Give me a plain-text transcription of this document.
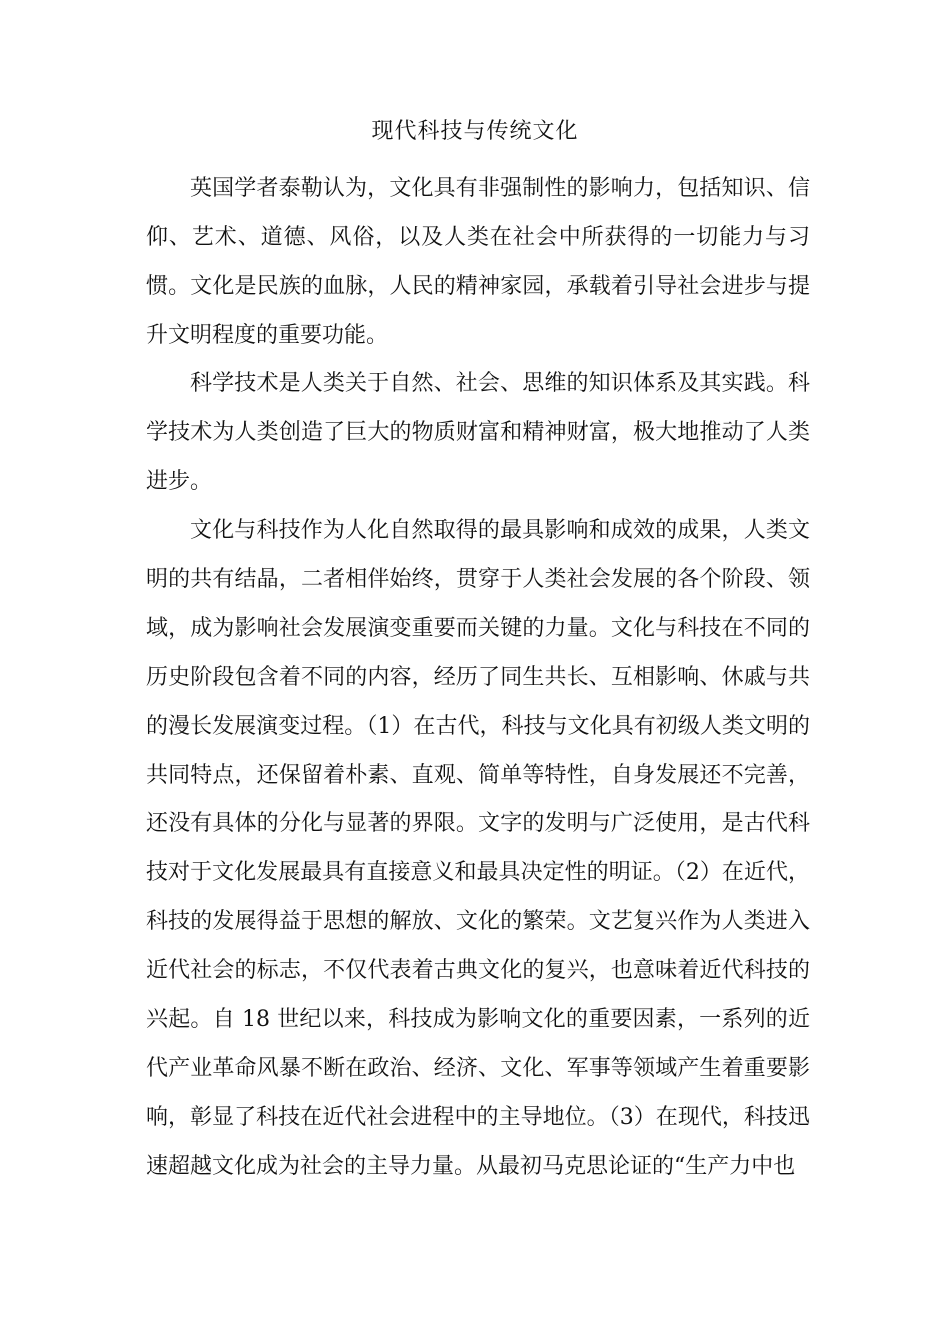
现代科技与传统文化

英国学者泰勒认为，文化具有非强制性的影响力，包括知识、信仰、艺术、道德、风俗，以及人类在社会中所获得的一切能力与习惯。文化是民族的血脉，人民的精神家园，承载着引导社会进步与提升文明程度的重要功能。

科学技术是人类关于自然、社会、思维的知识体系及其实践。科学技术为人类创造了巨大的物质财富和精神财富，极大地推动了人类进步。

文化与科技作为人化自然取得的最具影响和成效的成果，人类文明的共有结晶，二者相伴始终，贯穿于人类社会发展的各个阶段、领域，成为影响社会发展演变重要而关键的力量。文化与科技在不同的历史阶段包含着不同的内容，经历了同生共长、互相影响、休戚与共的漫长发展演变过程。（1）在古代，科技与文化具有初级人类文明的共同特点，还保留着朴素、直观、简单等特性，自身发展还不完善，还没有具体的分化与显著的界限。文字的发明与广泛使用，是古代科技对于文化发展最具有直接意义和最具决定性的明证。（2）在近代，科技的发展得益于思想的解放、文化的繁荣。文艺复兴作为人类进入近代社会的标志，不仅代表着古典文化的复兴，也意味着近代科技的兴起。自 18 世纪以来，科技成为影响文化的重要因素，一系列的近代产业革命风暴不断在政治、经济、文化、军事等领域产生着重要影响，彰显了科技在近代社会进程中的主导地位。（3）在现代，科技迅速超越文化成为社会的主导力量。从最初马克思论证的“生产力中也
